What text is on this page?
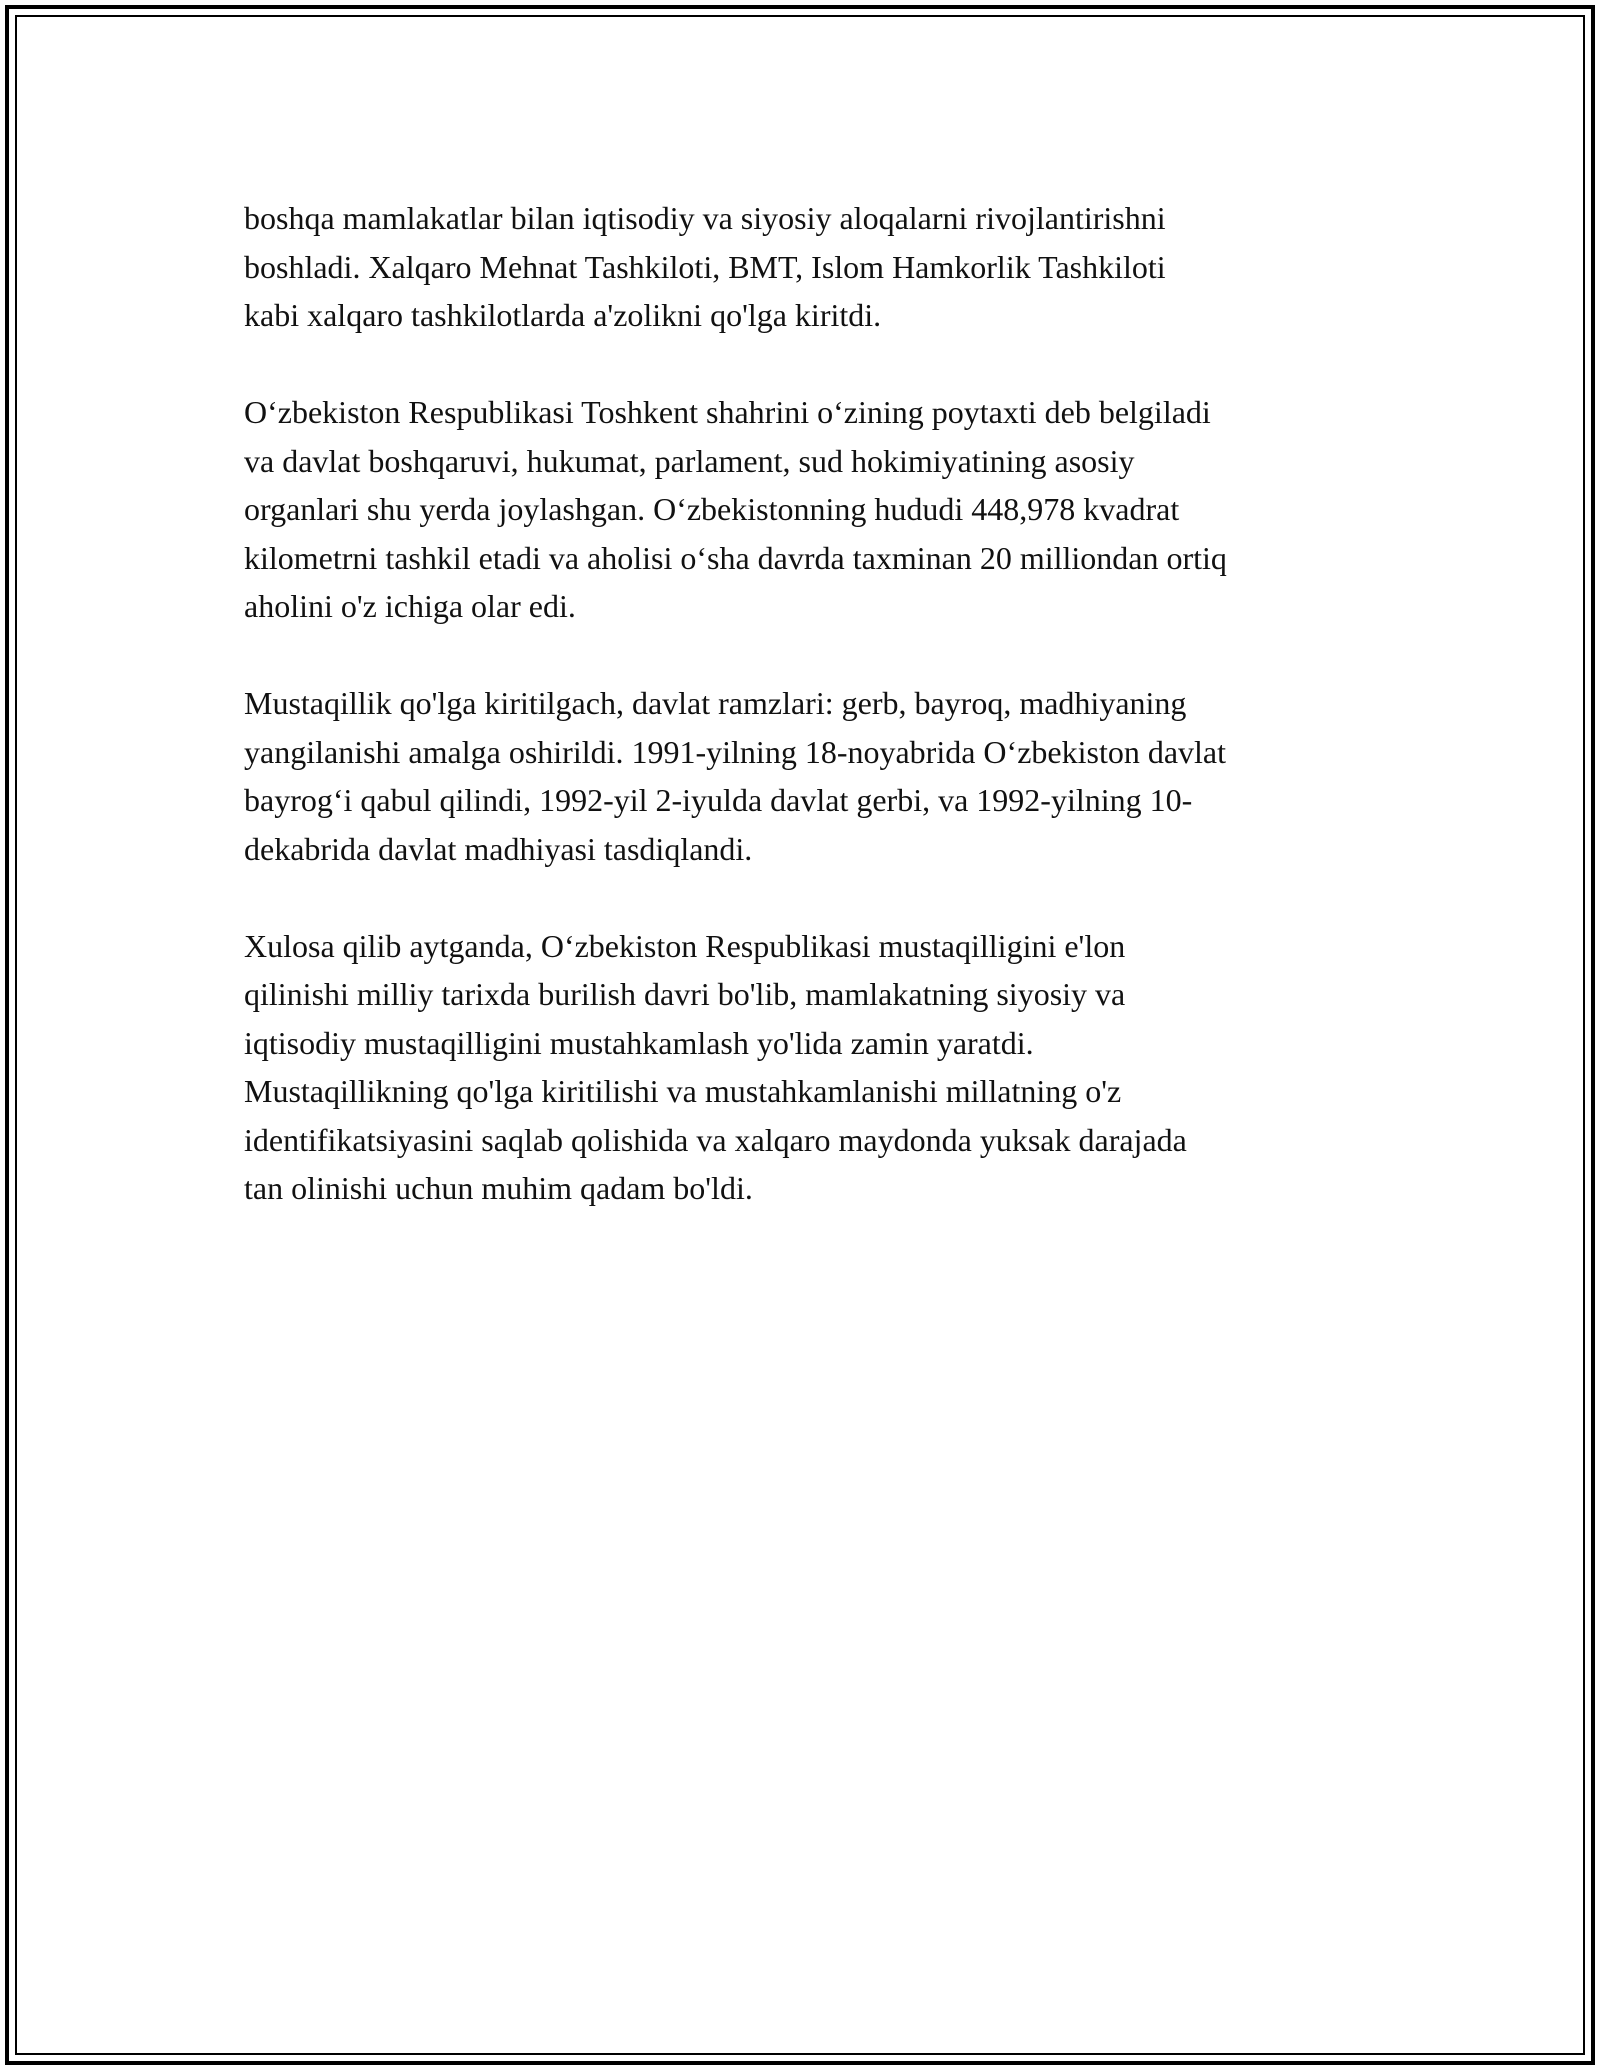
boshqa mamlakatlar bilan iqtisodiy va siyosiy aloqalarni rivojlantirishni
boshladi. Xalqaro Mehnat Tashkiloti, BMT, Islom Hamkorlik Tashkiloti
kabi xalqaro tashkilotlarda a'zolikni qo'lga kiritdi.

O‘zbekiston Respublikasi Toshkent shahrini o‘zining poytaxti deb belgiladi
va davlat boshqaruvi, hukumat, parlament, sud hokimiyatining asosiy
organlari shu yerda joylashgan. O‘zbekistonning hududi 448,978 kvadrat
kilometrni tashkil etadi va aholisi o‘sha davrda taxminan 20 milliondan ortiq
aholini o'z ichiga olar edi.

Mustaqillik qo'lga kiritilgach, davlat ramzlari: gerb, bayroq, madhiyaning
yangilanishi amalga oshirildi. 1991-yilning 18-noyabrida O‘zbekiston davlat
bayrog‘i qabul qilindi, 1992-yil 2-iyulda davlat gerbi, va 1992-yilning 10-
dekabrida davlat madhiyasi tasdiqlandi.

Xulosa qilib aytganda, O‘zbekiston Respublikasi mustaqilligini e'lon
qilinishi milliy tarixda burilish davri bo'lib, mamlakatning siyosiy va
iqtisodiy mustaqilligini mustahkamlash yo'lida zamin yaratdi.
Mustaqillikning qo'lga kiritilishi va mustahkamlanishi millatning o'z
identifikatsiyasini saqlab qolishida va xalqaro maydonda yuksak darajada
tan olinishi uchun muhim qadam bo'ldi.
